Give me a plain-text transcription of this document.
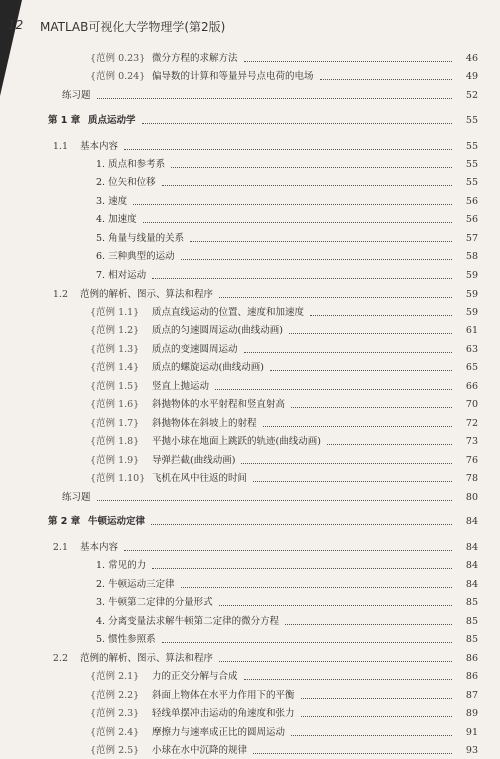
12 MATLAB可视化大学物理学(第2版)
{范例 0.23} 微分方程的求解方法	46
{范例 0.24} 偏导数的计算和等量异号点电荷的电场	49
练习题	52
第 1 章 质点运动学	55
1.1 基本内容	55
1. 质点和参考系	55
2. 位矢和位移	55
3. 速度	56
4. 加速度	56
5. 角量与线量的关系	57
6. 三种典型的运动	58
7. 相对运动	59
1.2 范例的解析、图示、算法和程序	59
{范例 1.1} 质点直线运动的位置、速度和加速度	59
{范例 1.2} 质点的匀速圆周运动(曲线动画)	61
{范例 1.3} 质点的变速圆周运动	63
{范例 1.4} 质点的螺旋运动(曲线动画)	65
{范例 1.5} 竖直上抛运动	66
{范例 1.6} 斜抛物体的水平射程和竖直射高	70
{范例 1.7} 斜抛物体在斜坡上的射程	72
{范例 1.8} 平抛小球在地面上跳跃的轨迹(曲线动画)	73
{范例 1.9} 导弹拦截(曲线动画)	76
{范例 1.10} 飞机在风中往返的时间	78
练习题	80
第 2 章 牛顿运动定律	84
2.1 基本内容	84
1. 常见的力	84
2. 牛顿运动三定律	84
3. 牛顿第二定律的分量形式	85
4. 分离变量法求解牛顿第二定律的微分方程	85
5. 惯性参照系	85
2.2 范例的解析、图示、算法和程序	86
{范例 2.1} 力的正交分解与合成	86
{范例 2.2} 斜面上物体在水平力作用下的平衡	87
{范例 2.3} 轻线单摆冲击运动的角速度和张力	89
{范例 2.4} 摩擦力与速率成正比的圆周运动	91
{范例 2.5} 小球在水中沉降的规律	93
